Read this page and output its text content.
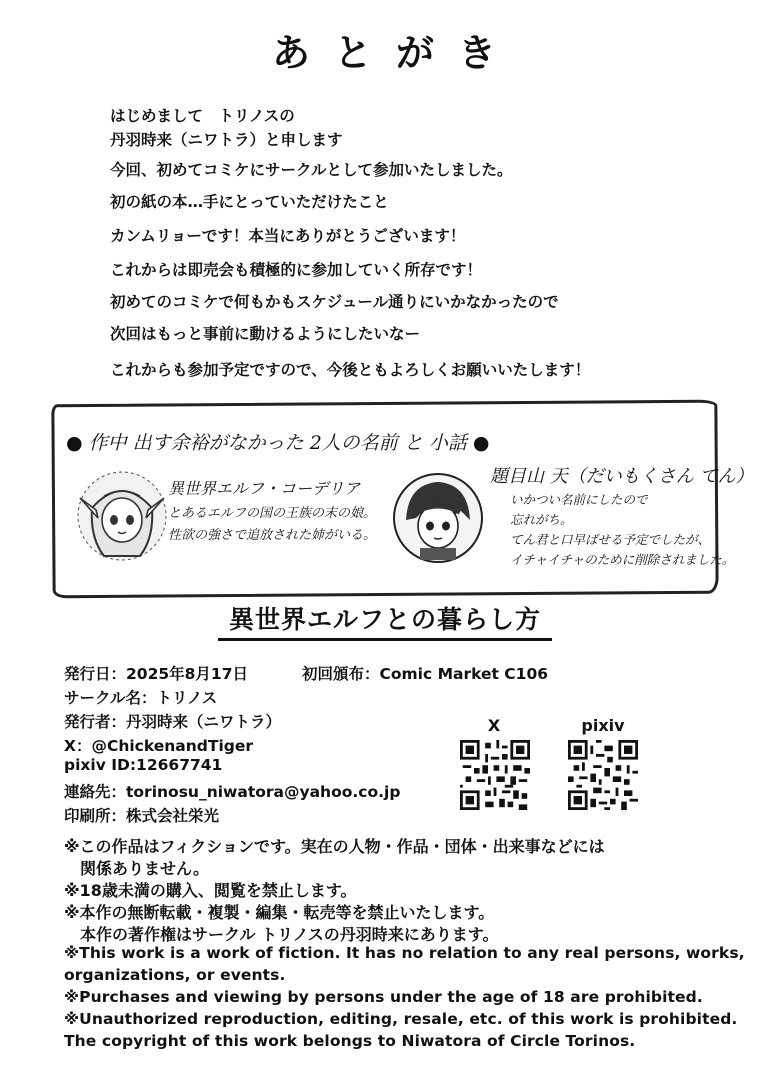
あとがき
はじめまして　トリノスの
丹羽時来（ニワトラ）と申します
今回、初めてコミケにサークルとして参加いたしました。
初の紙の本…手にとっていただけたこと
カンムリョーです！本当にありがとうございます！
これからは即売会も積極的に参加していく所存です！
初めてのコミケで何もかもスケジュール通りにいかなかったので
次回はもっと事前に動けるようにしたいなー
これからも参加予定ですので、今後ともよろしくお願いいたします！
● 作中 出す余裕がなかった 2人の名前 と 小話 ●
異世界エルフ・コーデリア
とあるエルフの国の王族の末の娘。
性欲の強さで追放された姉がいる。
題目山 天（だいもくさん てん）
いかつい名前にしたので
忘れがち。
てん君と口早ばせる予定でしたが、
イチャイチャのために削除されました。
異世界エルフとの暮らし方
発行日：2025年8月17日	初回頒布：Comic Market C106
サークル名：トリノス
発行者：丹羽時来（ニワトラ）
X：@ChickenandTiger
pixiv ID:12667741
連絡先：torinosu_niwatora@yahoo.co.jp
印刷所：株式会社栄光
X	pixiv
※この作品はフィクションです。実在の人物・作品・団体・出来事などには
　関係ありません。
※18歳未満の購入、閲覧を禁止します。
※本作の無断転載・複製・編集・転売等を禁止いたします。
　本作の著作権はサークル トリノスの丹羽時来にあります。
※This work is a work of fiction. It has no relation to any real persons, works,
organizations, or events.
※Purchases and viewing by persons under the age of 18 are prohibited.
※Unauthorized reproduction, editing, resale, etc. of this work is prohibited.
The copyright of this work belongs to Niwatora of Circle Torinos.
